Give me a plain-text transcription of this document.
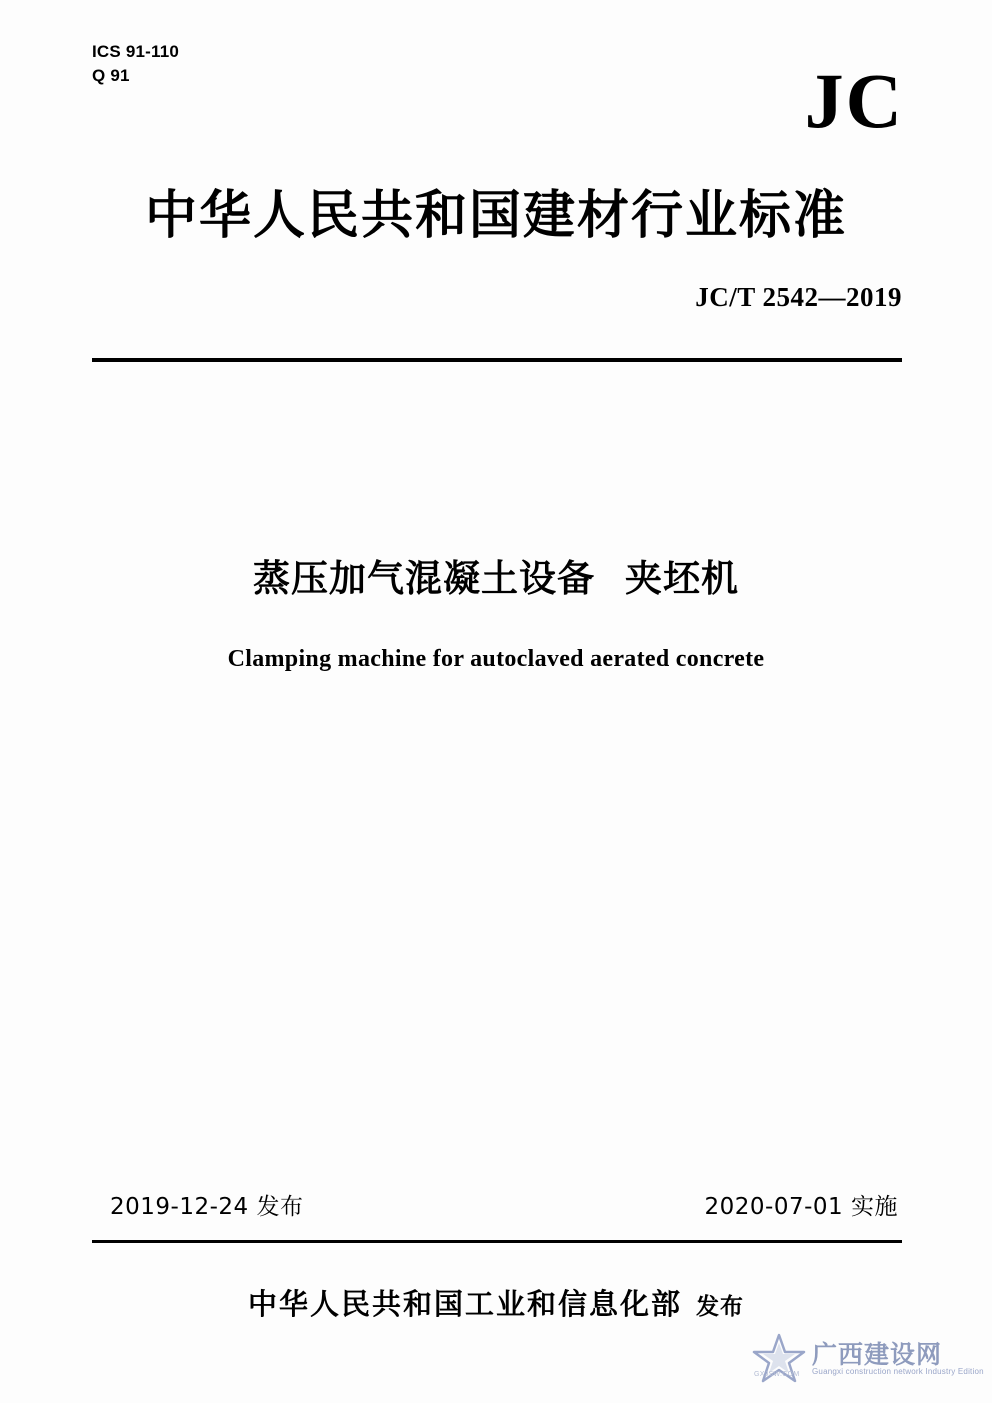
ICS 91-110
Q 91	JC
中华人民共和国建材行业标准
JC/T 2542—2019
蒸压加气混凝土设备 夹坯机
Clamping machine for autoclaved aerated concrete
2019-12-24 发布	2020-07-01 实施
中华人民共和国工业和信息化部 发布
广西建设网
Guangxi construction network Industry Edition
GXJSW.COM
